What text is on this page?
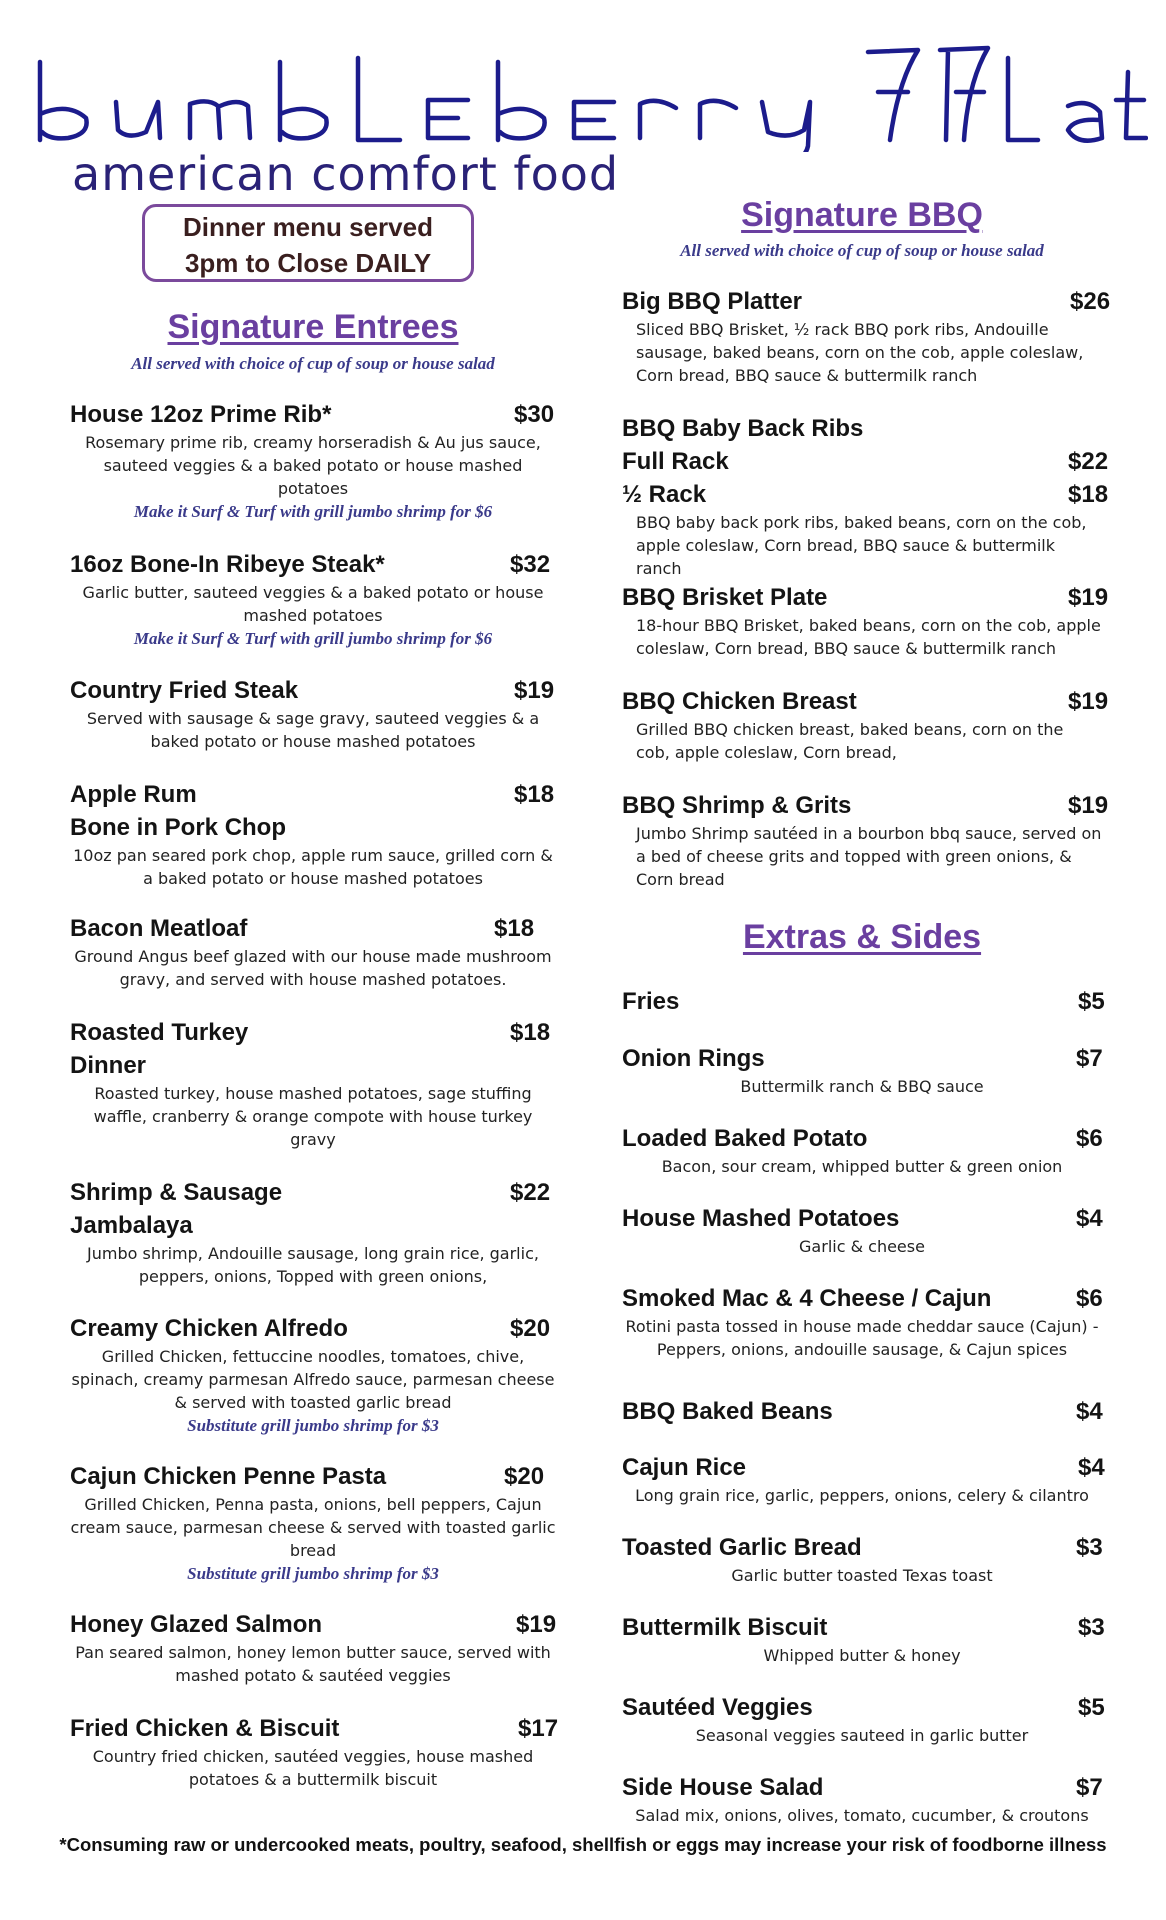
american comfort food
Dinner menu served
3pm to Close DAILY
Signature Entrees
All served with choice of cup of soup or house salad
House 12oz Prime Rib*	$30
Rosemary prime rib, creamy horseradish & Au jus sauce, sauteed veggies & a baked potato or house mashed potatoes
Make it Surf & Turf with grill jumbo shrimp for $6
16oz Bone-In Ribeye Steak*	$32
Garlic butter, sauteed veggies & a baked potato or house mashed potatoes
Make it Surf & Turf with grill jumbo shrimp for $6
Country Fried Steak	$19
Served with sausage & sage gravy, sauteed veggies & a baked potato or house mashed potatoes
Apple Rum
Bone in Pork Chop
$18
10oz pan seared pork chop, apple rum sauce, grilled corn & a baked potato or house mashed potatoes
Bacon Meatloaf	$18
Ground Angus beef glazed with our house made mushroom gravy, and served with house mashed potatoes.
Roasted Turkey
Dinner
$18
Roasted turkey, house mashed potatoes, sage stuffing waffle, cranberry & orange compote with house turkey gravy
Shrimp & Sausage
Jambalaya
$22
Jumbo shrimp, Andouille sausage, long grain rice, garlic, peppers, onions, Topped with green onions,
Creamy Chicken Alfredo	$20
Grilled Chicken, fettuccine noodles, tomatoes, chive, spinach, creamy parmesan Alfredo sauce, parmesan cheese & served with toasted garlic bread
Substitute grill jumbo shrimp for $3
Cajun Chicken Penne Pasta	$20
Grilled Chicken, Penna pasta, onions, bell peppers, Cajun cream sauce, parmesan cheese & served with toasted garlic bread
Substitute grill jumbo shrimp for $3
Honey Glazed Salmon	$19
Pan seared salmon, honey lemon butter sauce, served with mashed potato & sautéed veggies
Fried Chicken & Biscuit	$17
Country fried chicken, sautéed veggies, house mashed potatoes & a buttermilk biscuit
Signature BBQ
All served with choice of cup of soup or house salad
Big BBQ Platter	$26
Sliced BBQ Brisket, ½ rack BBQ pork ribs, Andouille sausage, baked beans, corn on the cob, apple coleslaw, Corn bread, BBQ sauce & buttermilk ranch
BBQ Baby Back Ribs
Full Rack	$22
½ Rack	$18
BBQ baby back pork ribs, baked beans, corn on the cob, apple coleslaw, Corn bread, BBQ sauce & buttermilk ranch
BBQ Brisket Plate	$19
18-hour BBQ Brisket, baked beans, corn on the cob, apple coleslaw, Corn bread, BBQ sauce & buttermilk ranch
BBQ Chicken Breast	$19
Grilled BBQ chicken breast, baked beans, corn on the cob, apple coleslaw, Corn bread,
BBQ Shrimp & Grits	$19
Jumbo Shrimp sautéed in a bourbon bbq sauce, served on a bed of cheese grits and topped with green onions, & Corn bread
Extras & Sides
Fries	$5
Onion Rings	$7
Buttermilk ranch & BBQ sauce
Loaded Baked Potato	$6
Bacon, sour cream, whipped butter & green onion
House Mashed Potatoes	$4
Garlic & cheese
Smoked Mac & 4 Cheese / Cajun	$6
Rotini pasta tossed in house made cheddar sauce (Cajun) - Peppers, onions, andouille sausage, & Cajun spices
BBQ Baked Beans	$4
Cajun Rice	$4
Long grain rice, garlic, peppers, onions, celery & cilantro
Toasted Garlic Bread	$3
Garlic butter toasted Texas toast
Buttermilk Biscuit	$3
Whipped butter & honey
Sautéed Veggies	$5
Seasonal veggies sauteed in garlic butter
Side House Salad	$7
Salad mix, onions, olives, tomato, cucumber, & croutons
*Consuming raw or undercooked meats, poultry, seafood, shellfish or eggs may increase your risk of foodborne illness
